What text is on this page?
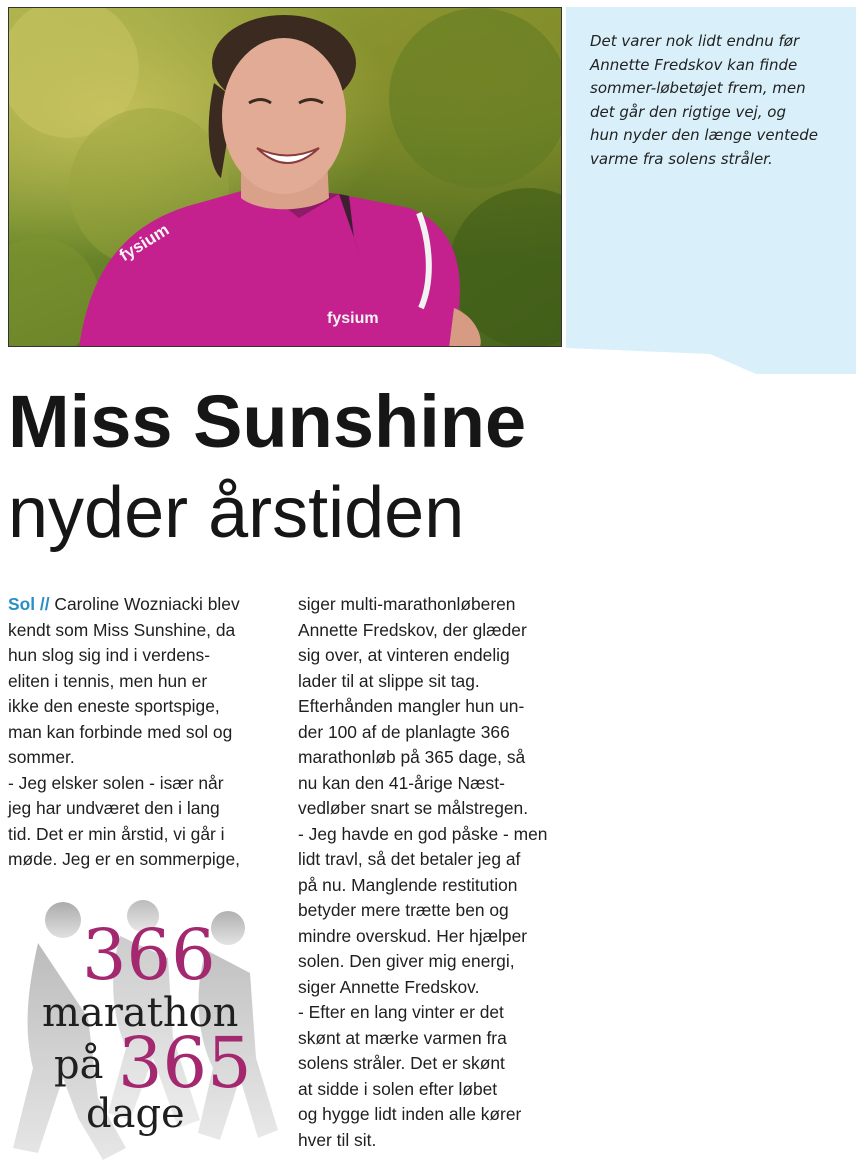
fysium
fysium
Det varer nok lidt endnu før
Annette Fredskov kan finde
sommer-løbetøjet frem, men
det går den rigtige vej, og
hun nyder den længe ventede
varme fra solens stråler.
Miss Sunshine
nyder årstiden

Sol // Caroline Wozniacki blev

kendt som Miss Sunshine, da

hun slog sig ind i verdens-

eliten i tennis, men hun er

ikke den eneste sportspige,

man kan forbinde med sol og

sommer.

- Jeg elsker solen - især når

jeg har undværet den i lang

tid. Det er min årstid, vi går i

møde. Jeg er en sommerpige,

siger multi-marathonløberen

Annette Fredskov, der glæder

sig over, at vinteren endelig

lader til at slippe sit tag.

Efterhånden mangler hun un-

der 100 af de planlagte 366

marathonløb på 365 dage, så

nu kan den 41-årige Næst-

vedløber snart se målstregen.

- Jeg havde en god påske - men

lidt travl, så det betaler jeg af

på nu. Manglende restitution

betyder mere trætte ben og

mindre overskud. Her hjælper

solen. Den giver mig energi,

siger Annette Fredskov.

- Efter en lang vinter er det

skønt at mærke varmen fra

solens stråler. Det er skønt

at sidde i solen efter løbet

og hygge lidt inden alle kører

hver til sit.

366
marathon
på 365
dage
